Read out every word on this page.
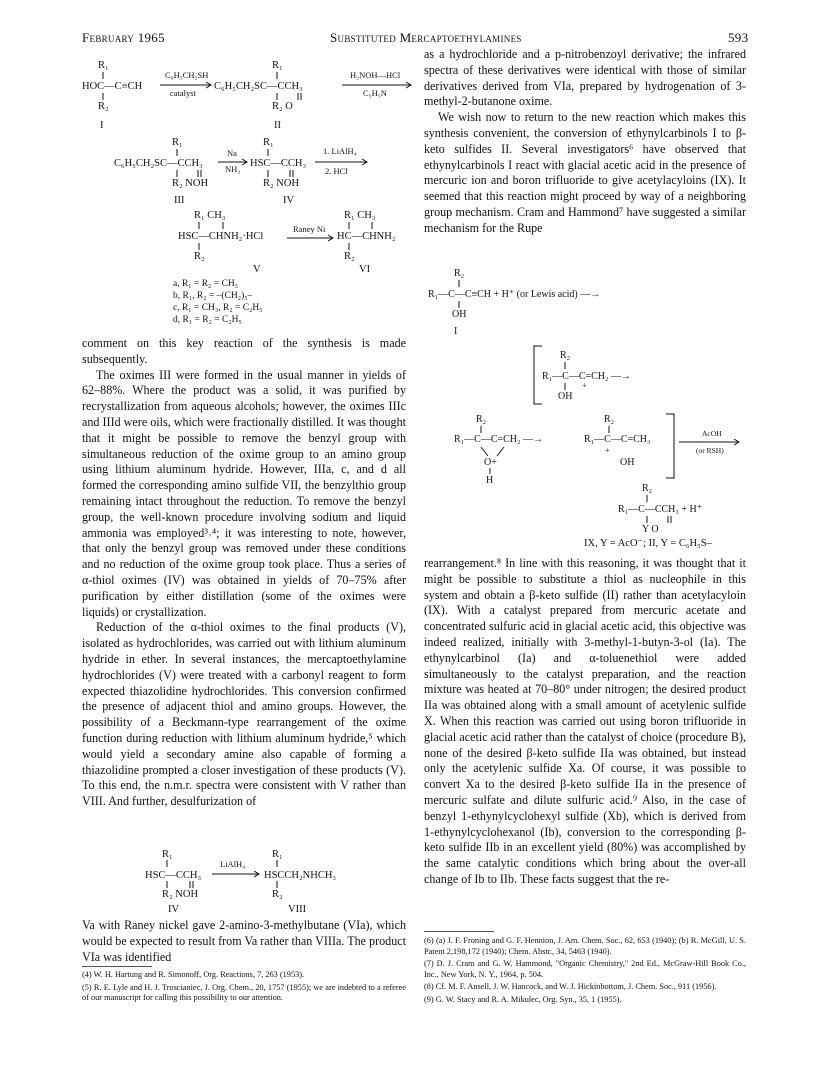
February 1965	Substituted Mercaptoethylamines	593
R₁
HOC—C≡CH
R₂
I
C₆H₅CH₂SH
catalyst
R₁
C₆H₅CH₂SC—CCH₃
R₂ O
II
H₂NOH—HCl
C₅H₅N
R₁
C₆H₅CH₂SC—CCH₃
R₂ NOH
III
Na
NH₃
R₁
HSC—CCH₃
R₂ NOH
IV
1. LiAlH₄
2. HCl
R₁ CH₃
HSC—CHNH₂·HCl
R₂
V
Raney Ni
R₁ CH₃
HC—CHNH₂
R₂
VI
a, R₁ = R₂ = CH₃
b, R₁, R₂ = –(CH₂)₅–
c, R₁ = CH₃, R₂ = C₂H₅
d, R₁ = R₂ = C₂H₅

comment on this key reaction of the synthesis is made subsequently.

The oximes III were formed in the usual manner in yields of 62–88%. Where the product was a solid, it was purified by recrystallization from aqueous alcohols; however, the oximes IIIc and IIId were oils, which were fractionally distilled. It was thought that it might be possible to remove the benzyl group with simultaneous reduction of the oxime group to an amino group using lithium aluminum hydride. However, IIIa, c, and d all formed the corresponding amino sulfide VII, the benzylthio group remaining intact throughout the reduction. To remove the benzyl group, the well-known procedure involving sodium and liquid ammonia was employed³˒⁴; it was interesting to note, however, that only the benzyl group was removed under these conditions and no reduction of the oxime group took place. Thus a series of α-thiol oximes (IV) was obtained in yields of 70–75% after purification by either distillation (some of the oximes were liquids) or crystallization.

Reduction of the α-thiol oximes to the final products (V), isolated as hydrochlorides, was carried out with lithium aluminum hydride in ether. In several instances, the mercaptoethylamine hydrochlorides (V) were treated with a carbonyl reagent to form expected thiazolidine hydrochlorides. This conversion confirmed the presence of adjacent thiol and amino groups. However, the possibility of a Beckmann-type rearrangement of the oxime function during reduction with lithium aluminum hydride,⁵ which would yield a secondary amine also capable of forming a thiazolidine prompted a closer investigation of these products (V). To this end, the n.m.r. spectra were consistent with V rather than VIII. And further, desulfurization of

R₁
HSC—CCH₃
R₂ NOH
IV
LiAlH₄
R₁
HSCCH₂NHCH₃
R₂
VIII

Va with Raney nickel gave 2-amino-3-methylbutane (VIa), which would be expected to result from Va rather than VIIIa. The product VIa was identified

(4) W. H. Hartung and R. Simonoff, Org. Reactions, 7, 263 (1953).

(5) R. E. Lyle and H. J. Troscianiec, J. Org. Chem., 20, 1757 (1955); we are indebted to a referee of our manuscript for calling this possibility to our attention.

as a hydrochloride and a p-nitrobenzoyl derivative; the infrared spectra of these derivatives were identical with those of similar derivatives derived from VIa, prepared by hydrogenation of 3-methyl-2-butanone oxime.

We wish now to return to the new reaction which makes this synthesis convenient, the conversion of ethynylcarbinols I to β-keto sulfides II. Several investigators⁶ have observed that ethynylcarbinols I react with glacial acetic acid in the presence of mercuric ion and boron trifluoride to give acetylacyloins (IX). It seemed that this reaction might proceed by way of a neighboring group mechanism. Cram and Hammond⁷ have suggested a similar mechanism for the Rupe

R₂
R₁—C—C≡CH + H⁺ (or Lewis acid) —→
OH
I
R₂
R₁—C—C=CH₂ —→
+
OH
R₂
R₁—C—C=CH₂ —→
O+
H
R₂
R₁—C—C=CH₃
+
OH
AcOH
(or RSH)
R₂
R₁—C—CCH₃ + H⁺
Y O
IX, Y = AcO⁻; II, Y = C₆H₅S–

rearrangement.⁸ In line with this reasoning, it was thought that it might be possible to substitute a thiol as nucleophile in this system and obtain a β-keto sulfide (II) rather than acetylacyloin (IX). With a catalyst prepared from mercuric acetate and concentrated sulfuric acid in glacial acetic acid, this objective was indeed realized, initially with 3-methyl-1-butyn-3-ol (Ia). The ethynylcarbinol (Ia) and α-toluenethiol were added simultaneously to the catalyst preparation, and the reaction mixture was heated at 70–80° under nitrogen; the desired product IIa was obtained along with a small amount of acetylenic sulfide X. When this reaction was carried out using boron trifluoride in glacial acetic acid rather than the catalyst of choice (procedure B), none of the desired β-keto sulfide IIa was obtained, but instead only the acetylenic sulfide Xa. Of course, it was possible to convert Xa to the desired β-keto sulfide IIa in the presence of mercuric sulfate and dilute sulfuric acid.⁹ Also, in the case of benzyl 1-ethynylcyclohexyl sulfide (Xb), which is derived from 1-ethynylcyclohexanol (Ib), conversion to the corresponding β-keto sulfide IIb in an excellent yield (80%) was accomplished by the same catalytic conditions which bring about the over-all change of Ib to IIb. These facts suggest that the re-

(6) (a) J. F. Froning and G. F. Hennion, J. Am. Chem. Soc., 62, 653 (1940); (b) R. McGill, U. S. Patent 2,198,172 (1940); Chem. Abstr., 34, 5463 (1940).

(7) D. J. Cram and G. W. Hammond, "Organic Chemistry," 2nd Ed., McGraw-Hill Book Co., Inc., New York, N. Y., 1964, p. 504.

(8) Cf. M. F. Ansell, J. W. Hancock, and W. J. Hickinbottom, J. Chem. Soc., 911 (1956).

(9) G. W. Stacy and R. A. Mikulec, Org. Syn., 35, 1 (1955).
